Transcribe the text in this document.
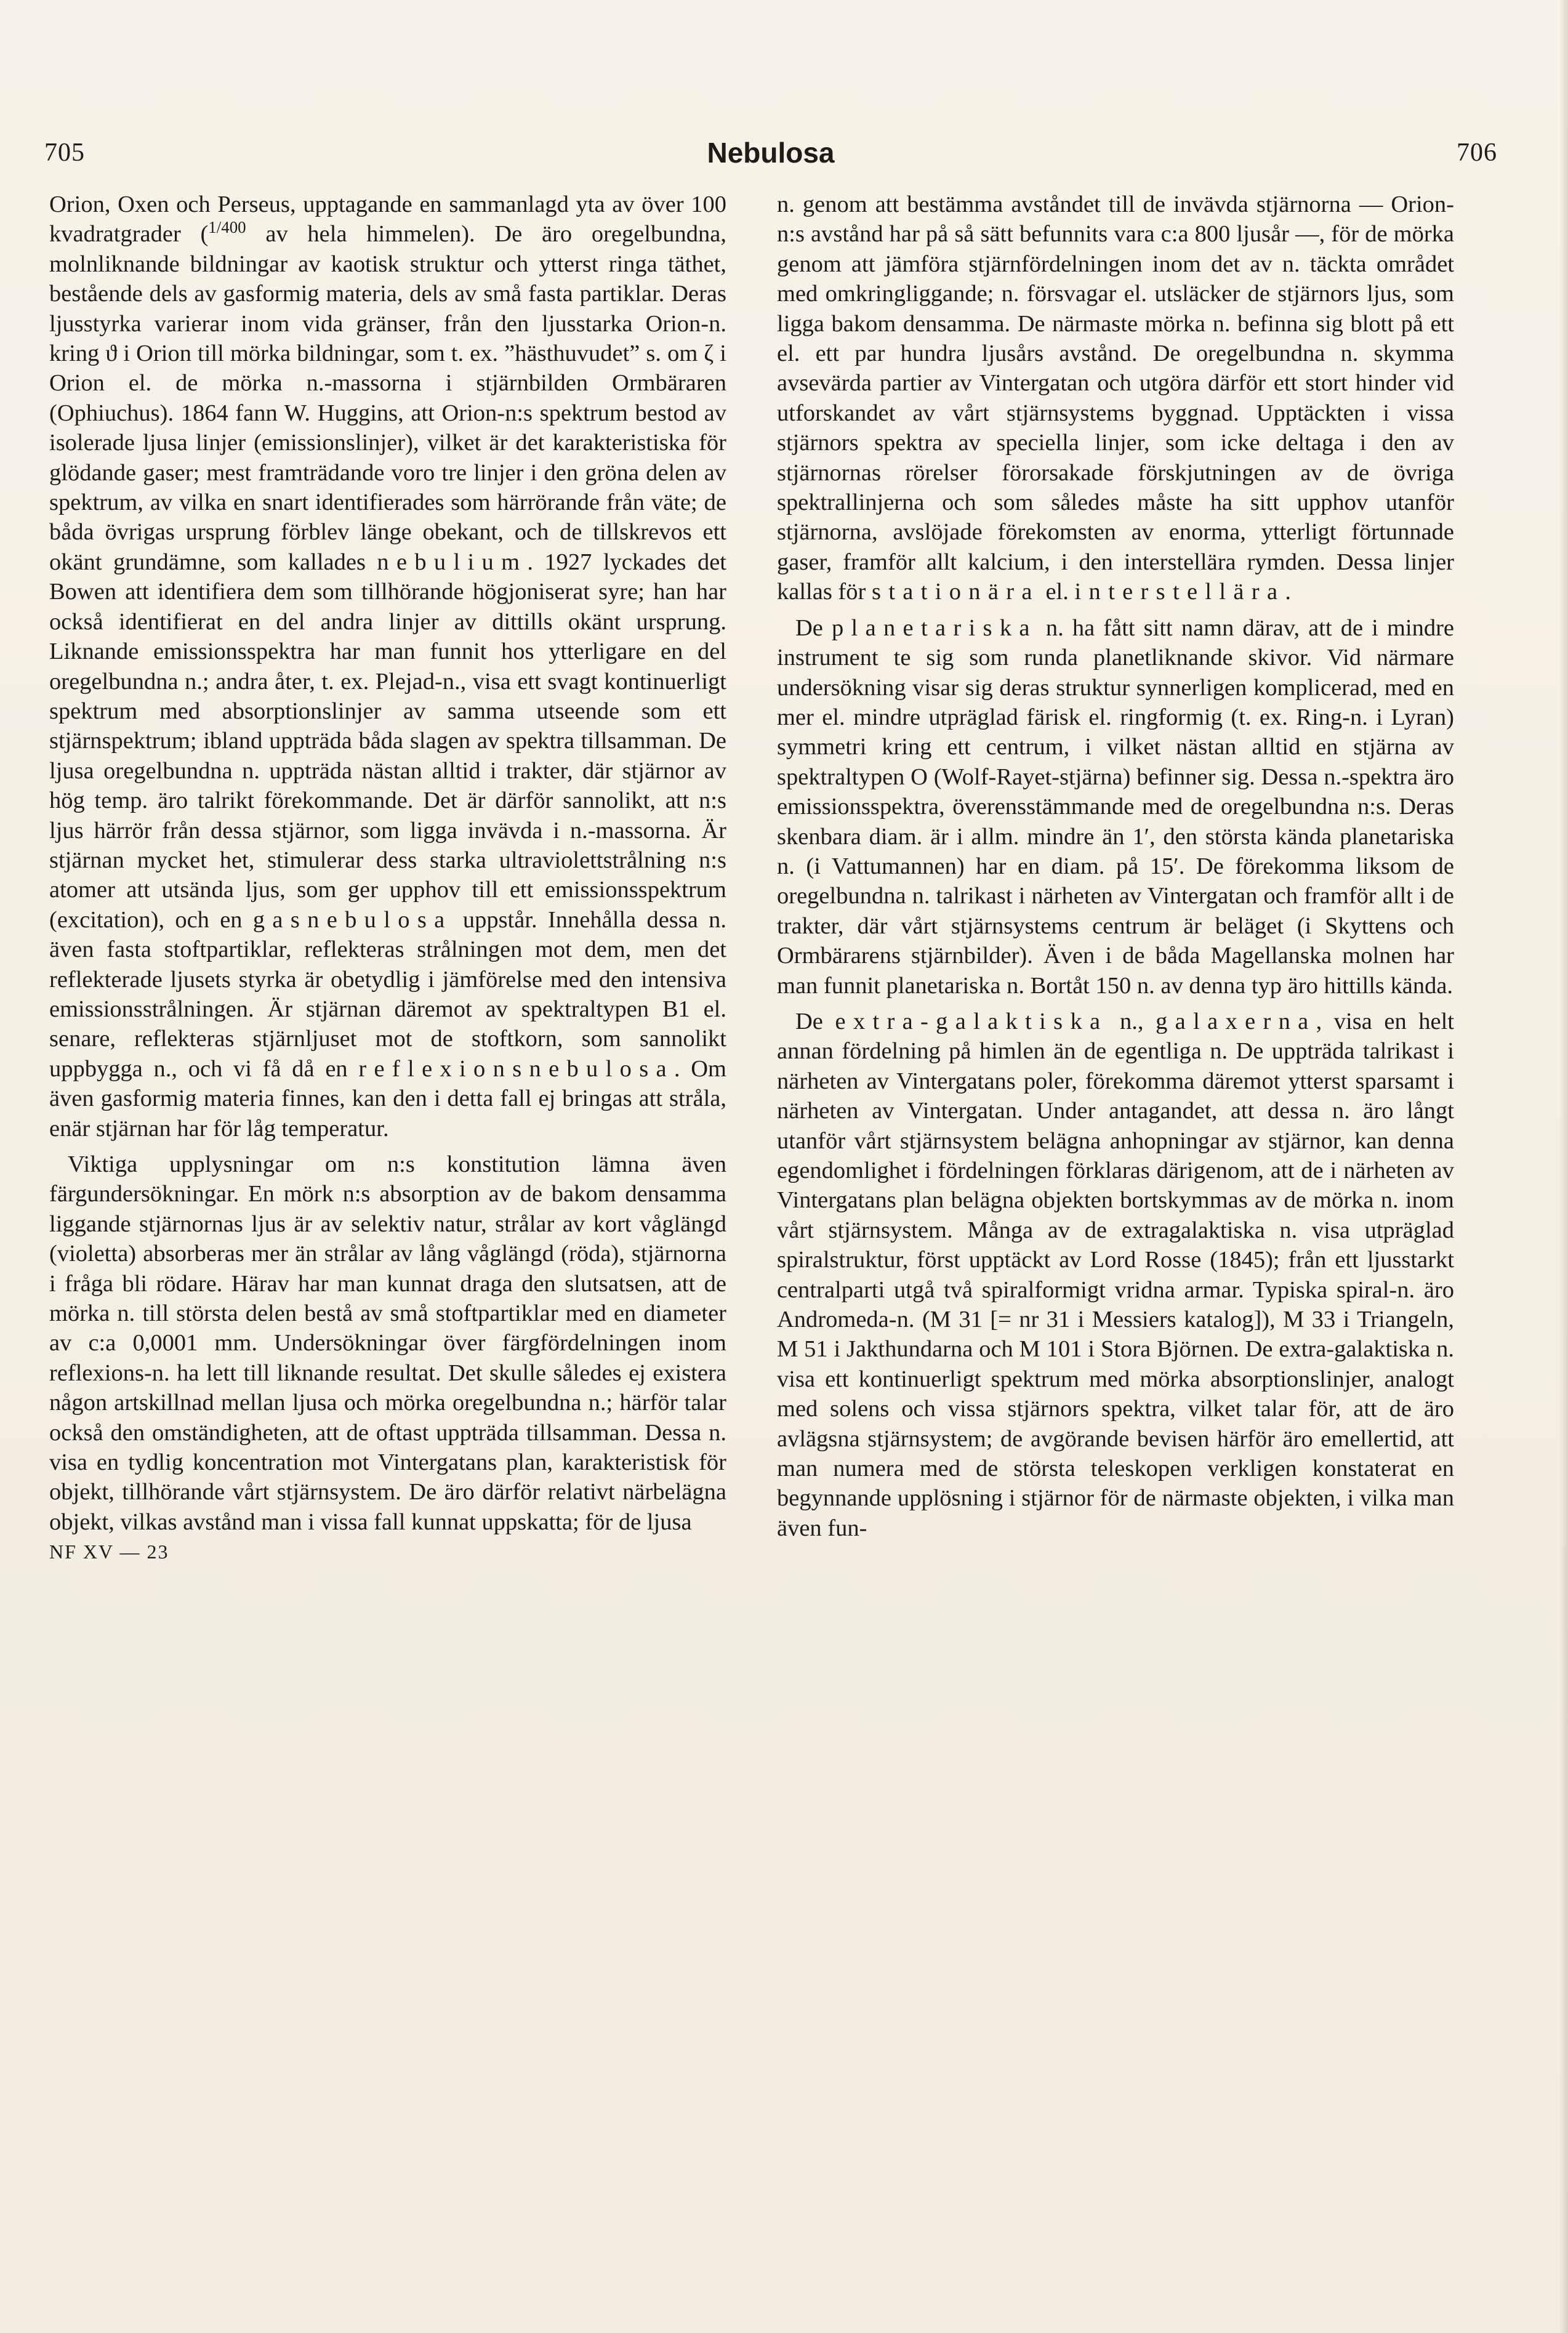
705	Nebulosa	706

Orion, Oxen och Perseus, upptagande en sammanlagd yta av över 100 kvadratgrader ($^{1/400}$ av hela himmelen). De äro oregelbundna, molnliknande bildningar av kaotisk struktur och ytterst ringa täthet, bestående dels av gasformig materia, dels av små fasta partiklar. Deras ljusstyrka varierar inom vida gränser, från den ljusstarka Orion-n. kring ϑ i Orion till mörka bildningar, som t. ex. ”hästhuvudet” s. om ζ i Orion el. de mörka n.-massorna i stjärnbilden Ormbäraren (Ophiuchus). 1864 fann W. Huggins, att Orion-n:s spektrum bestod av isolerade ljusa linjer (emissionslinjer), vilket är det karakteristiska för glödande gaser; mest framträdande voro tre linjer i den gröna delen av spektrum, av vilka en snart identifierades som härrörande från väte; de båda övrigas ursprung förblev länge obekant, och de tillskrevos ett okänt grundämne, som kallades nebulium. 1927 lyckades det Bowen att identifiera dem som tillhörande högjoniserat syre; han har också identifierat en del andra linjer av dittills okänt ursprung. Liknande emissionsspektra har man funnit hos ytterligare en del oregelbundna n.; andra åter, t. ex. Plejad-n., visa ett svagt kontinuerligt spektrum med absorptionslinjer av samma utseende som ett stjärnspektrum; ibland uppträda båda slagen av spektra tillsamman. De ljusa oregelbundna n. uppträda nästan alltid i trakter, där stjärnor av hög temp. äro talrikt förekommande. Det är därför sannolikt, att n:s ljus härrör från dessa stjärnor, som ligga invävda i n.-massorna. Är stjärnan mycket het, stimulerar dess starka ultraviolettstrålning n:s atomer att utsända ljus, som ger upphov till ett emissionsspektrum (excitation), och en gasnebulosa uppstår. Innehålla dessa n. även fasta stoftpartiklar, reflekteras strålningen mot dem, men det reflekterade ljusets styrka är obetydlig i jämförelse med den intensiva emissionsstrålningen. Är stjärnan däremot av spektraltypen B1 el. senare, reflekteras stjärnljuset mot de stoftkorn, som sannolikt uppbygga n., och vi få då en reflexionsnebulosa. Om även gasformig materia finnes, kan den i detta fall ej bringas att stråla, enär stjärnan har för låg temperatur.

Viktiga upplysningar om n:s konstitution lämna även färgundersökningar. En mörk n:s absorption av de bakom densamma liggande stjärnornas ljus är av selektiv natur, strålar av kort våglängd (violetta) absorberas mer än strålar av lång våglängd (röda), stjärnorna i fråga bli rödare. Härav har man kunnat draga den slutsatsen, att de mörka n. till största delen bestå av små stoftpartiklar med en diameter av c:a 0,0001 mm. Undersökningar över färgfördelningen inom reflexions-n. ha lett till liknande resultat. Det skulle således ej existera någon artskillnad mellan ljusa och mörka oregelbundna n.; härför talar också den omständigheten, att de oftast uppträda tillsamman. Dessa n. visa en tydlig koncentration mot Vintergatans plan, karakteristisk för objekt, tillhörande vårt stjärnsystem. De äro därför relativt närbelägna objekt, vilkas avstånd man i vissa fall kunnat uppskatta; för de ljusa

NF XV — 23

n. genom att bestämma avståndet till de invävda stjärnorna — Orion-n:s avstånd har på så sätt befunnits vara c:a 800 ljusår —, för de mörka genom att jämföra stjärnfördelningen inom det av n. täckta området med omkringliggande; n. försvagar el. utsläcker de stjärnors ljus, som ligga bakom densamma. De närmaste mörka n. befinna sig blott på ett el. ett par hundra ljusårs avstånd. De oregelbundna n. skymma avsevärda partier av Vintergatan och utgöra därför ett stort hinder vid utforskandet av vårt stjärnsystems byggnad. Upptäckten i vissa stjärnors spektra av speciella linjer, som icke deltaga i den av stjärnornas rörelser förorsakade förskjutningen av de övriga spektrallinjerna och som således måste ha sitt upphov utanför stjärnorna, avslöjade förekomsten av enorma, ytterligt förtunnade gaser, framför allt kalcium, i den interstellära rymden. Dessa linjer kallas för stationära el. interstellära.

De planetariska n. ha fått sitt namn därav, att de i mindre instrument te sig som runda planetliknande skivor. Vid närmare undersökning visar sig deras struktur synnerligen komplicerad, med en mer el. mindre utpräglad färisk el. ringformig (t. ex. Ring-n. i Lyran) symmetri kring ett centrum, i vilket nästan alltid en stjärna av spektraltypen O (Wolf-Rayet-stjärna) befinner sig. Dessa n.-spektra äro emissionsspektra, överensstämmande med de oregelbundna n:s. Deras skenbara diam. är i allm. mindre än 1′, den största kända planetariska n. (i Vattumannen) har en diam. på 15′. De förekomma liksom de oregelbundna n. talrikast i närheten av Vintergatan och framför allt i de trakter, där vårt stjärnsystems centrum är beläget (i Skyttens och Ormbärarens stjärnbilder). Även i de båda Magellanska molnen har man funnit planetariska n. Bortåt 150 n. av denna typ äro hittills kända.

De extra-galaktiska n., galaxerna, visa en helt annan fördelning på himlen än de egentliga n. De uppträda talrikast i närheten av Vintergatans poler, förekomma däremot ytterst sparsamt i närheten av Vintergatan. Under antagandet, att dessa n. äro långt utanför vårt stjärnsystem belägna anhopningar av stjärnor, kan denna egendomlighet i fördelningen förklaras därigenom, att de i närheten av Vintergatans plan belägna objekten bortskymmas av de mörka n. inom vårt stjärnsystem. Många av de extragalaktiska n. visa utpräglad spiralstruktur, först upptäckt av Lord Rosse (1845); från ett ljusstarkt centralparti utgå två spiralformigt vridna armar. Typiska spiral-n. äro Andromeda-n. (M 31 [= nr 31 i Messiers katalog]), M 33 i Triangeln, M 51 i Jakthundarna och M 101 i Stora Björnen. De extra-galaktiska n. visa ett kontinuerligt spektrum med mörka absorptionslinjer, analogt med solens och vissa stjärnors spektra, vilket talar för, att de äro avlägsna stjärnsystem; de avgörande bevisen härför äro emellertid, att man numera med de största teleskopen verkligen konstaterat en begynnande upplösning i stjärnor för de närmaste objekten, i vilka man även fun-
